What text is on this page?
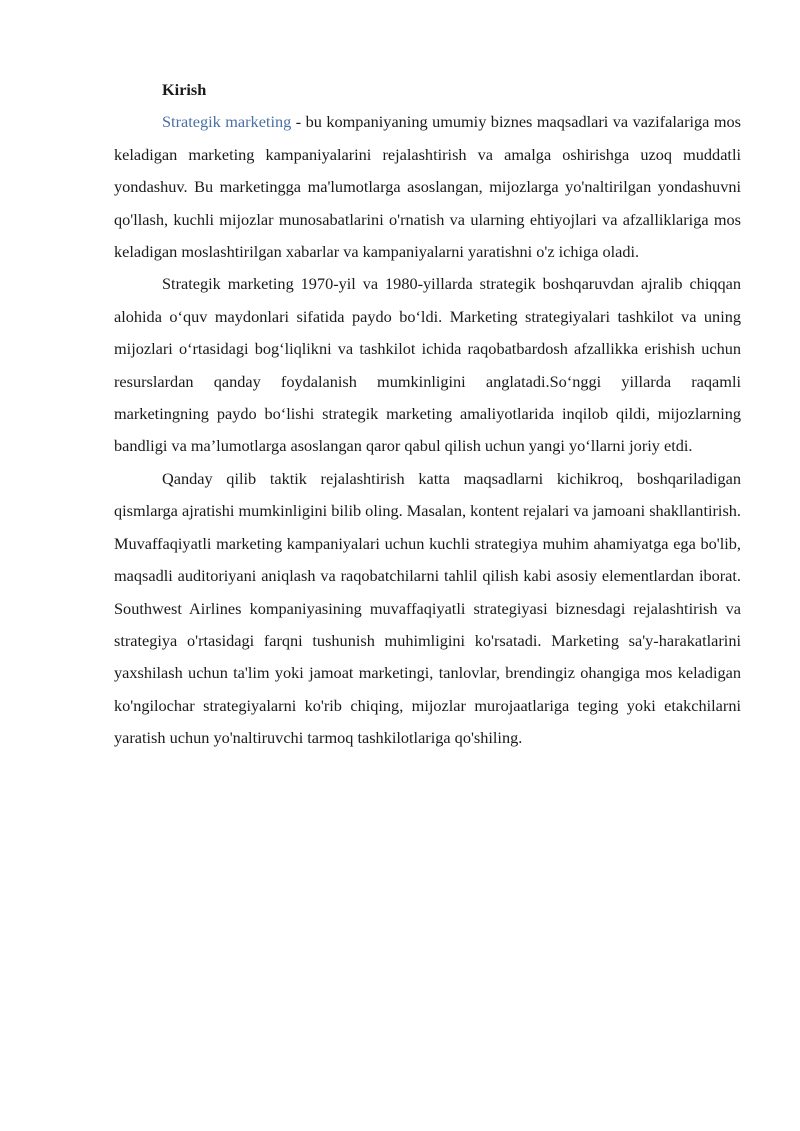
Kirish

Strategik marketing - bu kompaniyaning umumiy biznes maqsadlari va vazifalariga mos keladigan marketing kampaniyalarini rejalashtirish va amalga oshirishga uzoq muddatli yondashuv. Bu marketingga ma'lumotlarga asoslangan, mijozlarga yo'naltirilgan yondashuvni qo'llash, kuchli mijozlar munosabatlarini o'rnatish va ularning ehtiyojlari va afzalliklariga mos keladigan moslashtirilgan xabarlar va kampaniyalarni yaratishni o'z ichiga oladi.

Strategik marketing 1970-yil va 1980-yillarda strategik boshqaruvdan ajralib chiqqan alohida oʻquv maydonlari sifatida paydo boʻldi. Marketing strategiyalari tashkilot va uning mijozlari oʻrtasidagi bogʻliqlikni va tashkilot ichida raqobatbardosh afzallikka erishish uchun resurslardan qanday foydalanish mumkinligini anglatadi.Soʻnggi yillarda raqamli marketingning paydo boʻlishi strategik marketing amaliyotlarida inqilob qildi, mijozlarning bandligi va maʼlumotlarga asoslangan qaror qabul qilish uchun yangi yoʻllarni joriy etdi.

Qanday qilib taktik rejalashtirish katta maqsadlarni kichikroq, boshqariladigan qismlarga ajratishi mumkinligini bilib oling. Masalan, kontent rejalari va jamoani shakllantirish. Muvaffaqiyatli marketing kampaniyalari uchun kuchli strategiya muhim ahamiyatga ega bo'lib, maqsadli auditoriyani aniqlash va raqobatchilarni tahlil qilish kabi asosiy elementlardan iborat. Southwest Airlines kompaniyasining muvaffaqiyatli strategiyasi biznesdagi rejalashtirish va strategiya o'rtasidagi farqni tushunish muhimligini ko'rsatadi. Marketing sa'y-harakatlarini yaxshilash uchun ta'lim yoki jamoat marketingi, tanlovlar, brendingiz ohangiga mos keladigan ko'ngilochar strategiyalarni ko'rib chiqing, mijozlar murojaatlariga teging yoki etakchilarni yaratish uchun yo'naltiruvchi tarmoq tashkilotlariga qo'shiling.
